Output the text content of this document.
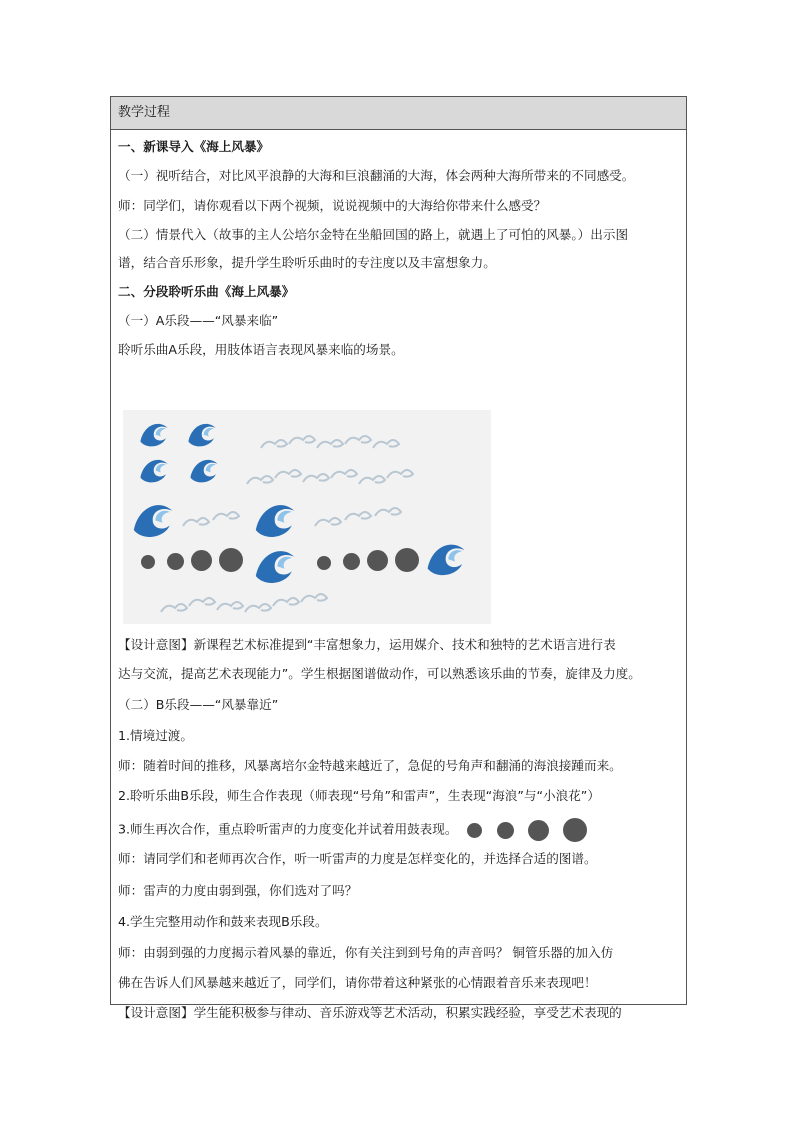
教学过程
一、新课导入《海上风暴》
（一）视听结合，对比风平浪静的大海和巨浪翻涌的大海，体会两种大海所带来的不同感受。
师：同学们，请你观看以下两个视频，说说视频中的大海给你带来什么感受？
（二）情景代入（故事的主人公培尔金特在坐船回国的路上，就遇上了可怕的风暴。）出示图
谱，结合音乐形象，提升学生聆听乐曲时的专注度以及丰富想象力。
二、分段聆听乐曲《海上风暴》
（一）A乐段——“风暴来临”
聆听乐曲A乐段，用肢体语言表现风暴来临的场景。
【设计意图】新课程艺术标准提到“丰富想象力，运用媒介、技术和独特的艺术语言进行表
达与交流，提高艺术表现能力”。学生根据图谱做动作，可以熟悉该乐曲的节奏，旋律及力度。
（二）B乐段——“风暴靠近”
1.情境过渡。
师：随着时间的推移，风暴离培尔金特越来越近了，急促的号角声和翻涌的海浪接踵而来。
2.聆听乐曲B乐段，师生合作表现（师表现“号角”和雷声”，生表现“海浪”与“小浪花”）
3.师生再次合作，重点聆听雷声的力度变化并试着用鼓表现。
师：请同学们和老师再次合作，听一听雷声的力度是怎样变化的，并选择合适的图谱。
师：雷声的力度由弱到强，你们选对了吗？
4.学生完整用动作和鼓来表现B乐段。
师：由弱到强的力度揭示着风暴的靠近，你有关注到到号角的声音吗？ 铜管乐器的加入仿
佛在告诉人们风暴越来越近了，同学们，请你带着这种紧张的心情跟着音乐来表现吧！
【设计意图】学生能积极参与律动、音乐游戏等艺术活动，积累实践经验，享受艺术表现的
